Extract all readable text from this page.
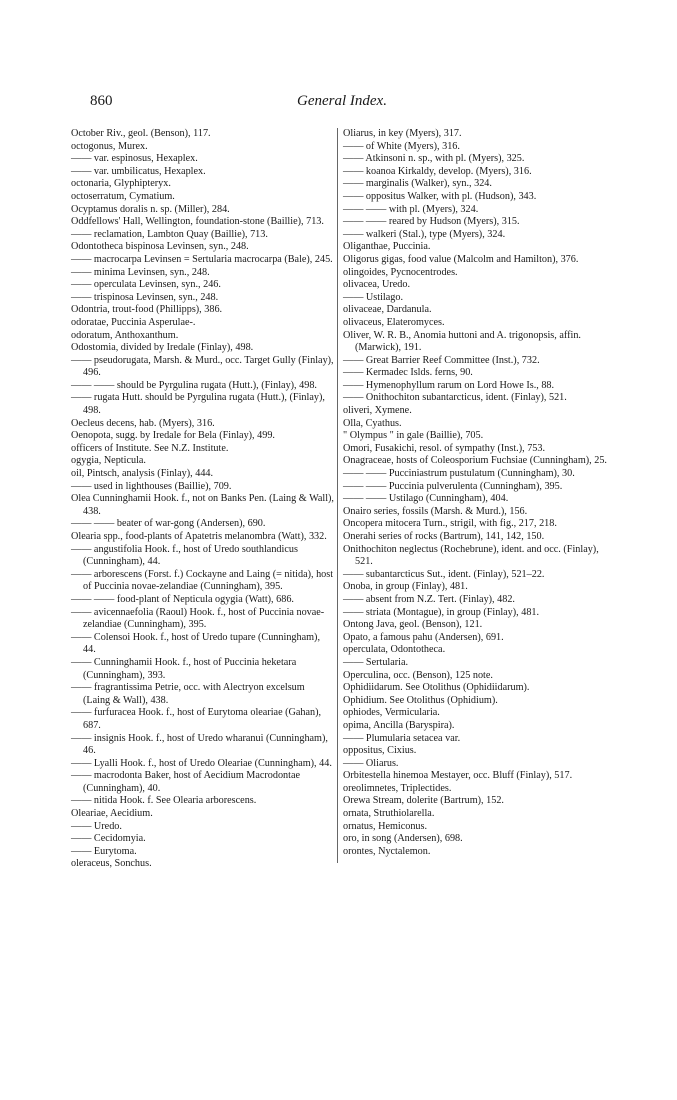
860	General Index.
October Riv., geol. (Benson), 117.
octogonus, Murex.
—— var. espinosus, Hexaplex.
—— var. umbilicatus, Hexaplex.
octonaria, Glyphipteryx.
octoserratum, Cymatium.
Ocyptamus doralis n. sp. (Miller), 284.
Oddfellows' Hall, Wellington, foundation-stone (Baillie), 713.
—— reclamation, Lambton Quay (Baillie), 713.
Odontotheca bispinosa Levinsen, syn., 248.
—— macrocarpa Levinsen = Sertularia macrocarpa (Bale), 245.
—— minima Levinsen, syn., 248.
—— operculata Levinsen, syn., 246.
—— trispinosa Levinsen, syn., 248.
Odontria, trout-food (Phillipps), 386.
odoratae, Puccinia Asperulae-.
odoratum, Anthoxanthum.
Odostomia, divided by Iredale (Finlay), 498.
—— pseudorugata, Marsh. & Murd., occ. Target Gully (Finlay), 496.
—— —— should be Pyrgulina rugata (Hutt.), (Finlay), 498.
—— rugata Hutt. should be Pyrgulina rugata (Hutt.), (Finlay), 498.
Oecleus decens, hab. (Myers), 316.
Oenopota, sugg. by Iredale for Bela (Finlay), 499.
officers of Institute. See N.Z. Institute.
ogygia, Nepticula.
oil, Pintsch, analysis (Finlay), 444.
—— used in lighthouses (Baillie), 709.
Olea Cunninghamii Hook. f., not on Banks Pen. (Laing & Wall), 438.
—— —— beater of war-gong (Andersen), 690.
Olearia spp., food-plants of Apatetris melanombra (Watt), 332.
—— angustifolia Hook. f., host of Uredo southlandicus (Cunningham), 44.
—— arborescens (Forst. f.) Cockayne and Laing (= nitida), host of Puccinia novae-zelandiae (Cunningham), 395.
—— —— food-plant of Nepticula ogygia (Watt), 686.
—— avicennaefolia (Raoul) Hook. f., host of Puccinia novae-zelandiae (Cunningham), 395.
—— Colensoi Hook. f., host of Uredo tupare (Cunningham), 44.
—— Cunninghamii Hook. f., host of Puccinia heketara (Cunningham), 393.
—— fragrantissima Petrie, occ. with Alectryon excelsum (Laing & Wall), 438.
—— furfuracea Hook. f., host of Eurytoma oleariae (Gahan), 687.
—— insignis Hook. f., host of Uredo wharanui (Cunningham), 46.
—— Lyalli Hook. f., host of Uredo Oleariae (Cunningham), 44.
—— macrodonta Baker, host of Aecidium Macrodontae (Cunningham), 40.
—— nitida Hook. f. See Olearia arborescens.
Oleariae, Aecidium.
—— Uredo.
—— Cecidomyia.
—— Eurytoma.
oleraceus, Sonchus.
Oliarus, in key (Myers), 317.
—— of White (Myers), 316.
—— Atkinsoni n. sp., with pl. (Myers), 325.
—— koanoa Kirkaldy, develop. (Myers), 316.
—— marginalis (Walker), syn., 324.
—— oppositus Walker, with pl. (Hudson), 343.
—— —— with pl. (Myers), 324.
—— —— reared by Hudson (Myers), 315.
—— walkeri (Stal.), type (Myers), 324.
Oliganthae, Puccinia.
Oligorus gigas, food value (Malcolm and Hamilton), 376.
olingoides, Pycnocentrodes.
olivacea, Uredo.
—— Ustilago.
olivaceae, Dardanula.
olivaceus, Elateromyces.
Oliver, W. R. B., Anomia huttoni and A. trigonopsis, affin. (Marwick), 191.
—— Great Barrier Reef Committee (Inst.), 732.
—— Kermadec Islds. ferns, 90.
—— Hymenophyllum rarum on Lord Howe Is., 88.
—— Onithochiton subantarcticus, ident. (Finlay), 521.
oliveri, Xymene.
Olla, Cyathus.
" Olympus " in gale (Baillie), 705.
Omori, Fusakichi, resol. of sympathy (Inst.), 753.
Onagraceae, hosts of Coleosporium Fuchsiae (Cunningham), 25.
—— —— Pucciniastrum pustulatum (Cunningham), 30.
—— —— Puccinia pulverulenta (Cunningham), 395.
—— —— Ustilago (Cunningham), 404.
Onairo series, fossils (Marsh. & Murd.), 156.
Oncopera mitocera Turn., strigil, with fig., 217, 218.
Onerahi series of rocks (Bartrum), 141, 142, 150.
Onithochiton neglectus (Rochebrune), ident. and occ. (Finlay), 521.
—— subantarcticus Sut., ident. (Finlay), 521–22.
Onoba, in group (Finlay), 481.
—— absent from N.Z. Tert. (Finlay), 482.
—— striata (Montague), in group (Finlay), 481.
Ontong Java, geol. (Benson), 121.
Opato, a famous pahu (Andersen), 691.
operculata, Odontotheca.
—— Sertularia.
Operculina, occ. (Benson), 125 note.
Ophidiidarum. See Otolithus (Ophidiidarum).
Ophidium. See Otolithus (Ophidium).
ophiodes, Vermicularia.
opima, Ancilla (Baryspira).
—— Plumularia setacea var.
oppositus, Cixius.
—— Oliarus.
Orbitestella hinemoa Mestayer, occ. Bluff (Finlay), 517.
oreolimnetes, Triplectides.
Orewa Stream, dolerite (Bartrum), 152.
ornata, Struthiolarella.
ornatus, Hemiconus.
oro, in song (Andersen), 698.
orontes, Nyctalemon.
